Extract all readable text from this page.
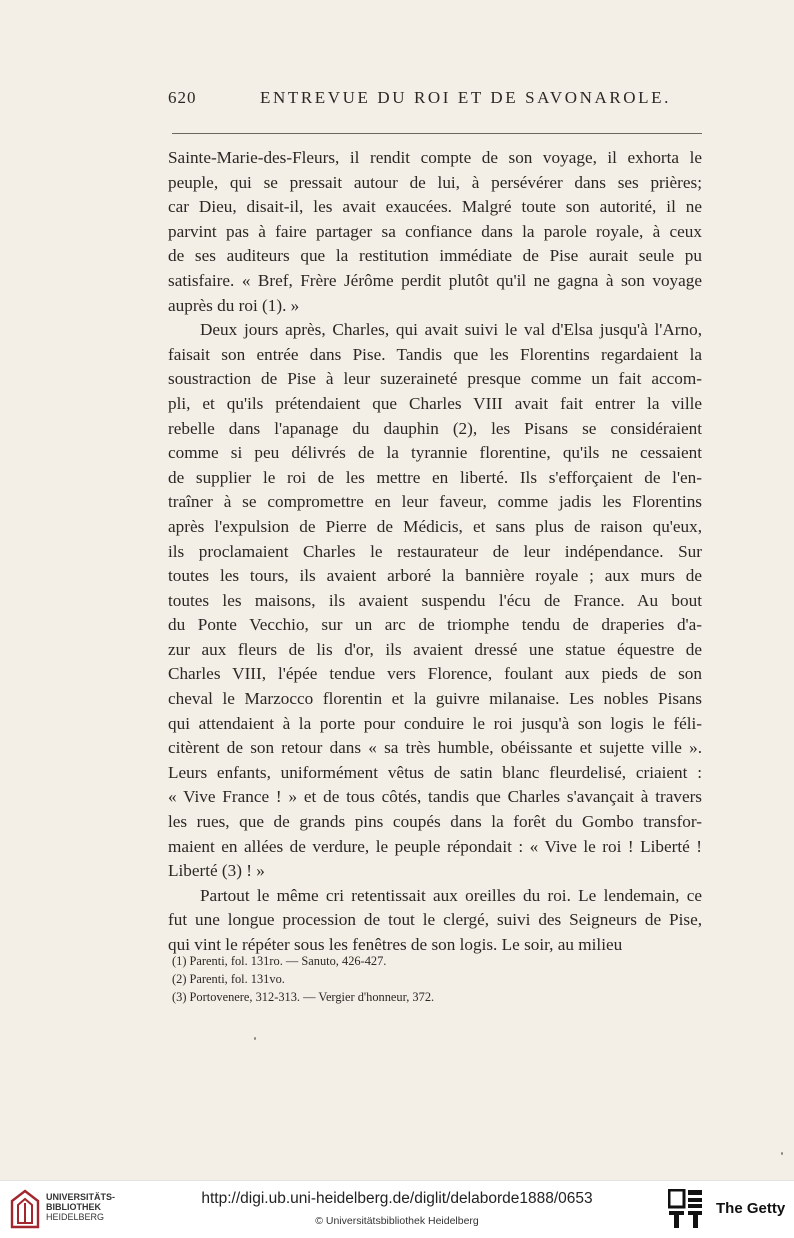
620	ENTREVUE DU ROI ET DE SAVONAROLE.

Sainte-Marie-des-Fleurs, il rendit compte de son voyage, il exhorta le
peuple, qui se pressait autour de lui, à persévérer dans ses prières;
car Dieu, disait-il, les avait exaucées. Malgré toute son autorité, il ne
parvint pas à faire partager sa confiance dans la parole royale, à ceux
de ses auditeurs que la restitution immédiate de Pise aurait seule pu
satisfaire. « Bref, Frère Jérôme perdit plutôt qu'il ne gagna à son voyage
auprès du roi (1). »

Deux jours après, Charles, qui avait suivi le val d'Elsa jusqu'à l'Arno,
faisait son entrée dans Pise. Tandis que les Florentins regardaient la
soustraction de Pise à leur suzeraineté presque comme un fait accom-
pli, et qu'ils prétendaient que Charles VIII avait fait entrer la ville
rebelle dans l'apanage du dauphin (2), les Pisans se considéraient
comme si peu délivrés de la tyrannie florentine, qu'ils ne cessaient
de supplier le roi de les mettre en liberté. Ils s'efforçaient de l'en-
traîner à se compromettre en leur faveur, comme jadis les Florentins
après l'expulsion de Pierre de Médicis, et sans plus de raison qu'eux,
ils proclamaient Charles le restaurateur de leur indépendance. Sur
toutes les tours, ils avaient arboré la bannière royale ; aux murs de
toutes les maisons, ils avaient suspendu l'écu de France. Au bout
du Ponte Vecchio, sur un arc de triomphe tendu de draperies d'a-
zur aux fleurs de lis d'or, ils avaient dressé une statue équestre de
Charles VIII, l'épée tendue vers Florence, foulant aux pieds de son
cheval le Marzocco florentin et la guivre milanaise. Les nobles Pisans
qui attendaient à la porte pour conduire le roi jusqu'à son logis le féli-
citèrent de son retour dans « sa très humble, obéissante et sujette ville ».
Leurs enfants, uniformément vêtus de satin blanc fleurdelisé, criaient :
« Vive France ! » et de tous côtés, tandis que Charles s'avançait à travers
les rues, que de grands pins coupés dans la forêt du Gombo transfor-
maient en allées de verdure, le peuple répondait : « Vive le roi ! Liberté !
Liberté (3) ! »

Partout le même cri retentissait aux oreilles du roi. Le lendemain, ce
fut une longue procession de tout le clergé, suivi des Seigneurs de Pise,
qui vint le répéter sous les fenêtres de son logis. Le soir, au milieu

(1) Parenti, fol. 131ro. — Sanuto, 426-427.
(2) Parenti, fol. 131vo.
(3) Portovenere, 312-313. — Vergier d'honneur, 372.
UNIVERSITÄTS-
BIBLIOTHEK
HEIDELBERG
http://digi.ub.uni-heidelberg.de/diglit/delaborde1888/0653
© Universitätsbibliothek Heidelberg
The Getty
